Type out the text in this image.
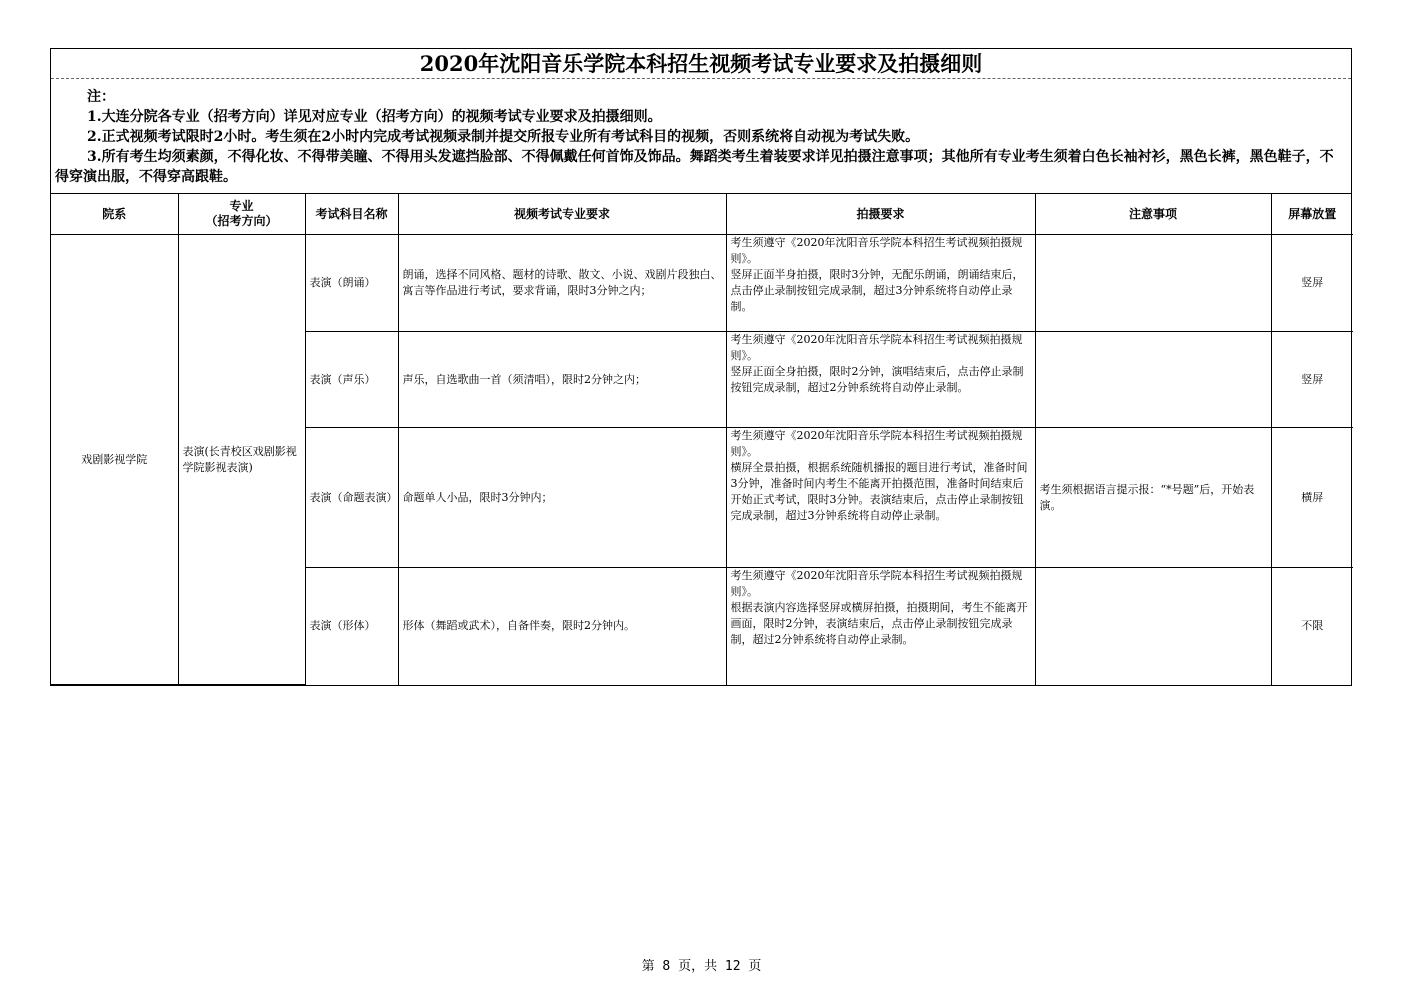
2020年沈阳音乐学院本科招生视频考试专业要求及拍摄细则

注：

1.大连分院各专业（招考方向）详见对应专业（招考方向）的视频考试专业要求及拍摄细则。

2.正式视频考试限时2小时。考生须在2小时内完成考试视频录制并提交所报专业所有考试科目的视频，否则系统将自动视为考试失败。

3.所有考生均须素颜，不得化妆、不得带美瞳、不得用头发遮挡脸部、不得佩戴任何首饰及饰品。舞蹈类考生着装要求详见拍摄注意事项；其他所有专业考生须着白色长袖衬衫，黑色长裤，黑色鞋子，不得穿演出服，不得穿高跟鞋。

院系	专业
（招考方向）	考试科目名称	视频考试专业要求	拍摄要求	注意事项	屏幕放置
戏剧影视学院	表演(长青校区戏剧影视学院影视表演)	表演（朗诵）	朗诵，选择不同风格、题材的诗歌、散文、小说、戏剧片段独白、寓言等作品进行考试，要求背诵，限时3分钟之内；	考生须遵守《2020年沈阳音乐学院本科招生考试视频拍摄规则》。
竖屏正面半身拍摄，限时3分钟，无配乐朗诵，朗诵结束后，点击停止录制按钮完成录制，超过3分钟系统将自动停止录制。		竖屏
		表演（声乐）	声乐，自选歌曲一首（须清唱），限时2分钟之内；	考生须遵守《2020年沈阳音乐学院本科招生考试视频拍摄规则》。
竖屏正面全身拍摄，限时2分钟，演唱结束后，点击停止录制按钮完成录制，超过2分钟系统将自动停止录制。		竖屏
		表演（命题表演）	命题单人小品，限时3分钟内；	考生须遵守《2020年沈阳音乐学院本科招生考试视频拍摄规则》。
横屏全景拍摄，根据系统随机播报的题目进行考试，准备时间3分钟，准备时间内考生不能离开拍摄范围，准备时间结束后开始正式考试，限时3分钟。表演结束后，点击停止录制按钮完成录制，超过3分钟系统将自动停止录制。	考生须根据语言提示报：“*号题”后，开始表演。	横屏
		表演（形体）	形体（舞蹈或武术），自备伴奏，限时2分钟内。	考生须遵守《2020年沈阳音乐学院本科招生考试视频拍摄规则》。
根据表演内容选择竖屏或横屏拍摄，拍摄期间，考生不能离开画面，限时2分钟，表演结束后，点击停止录制按钮完成录制，超过2分钟系统将自动停止录制。		不限
第 8 页，共 12 页
